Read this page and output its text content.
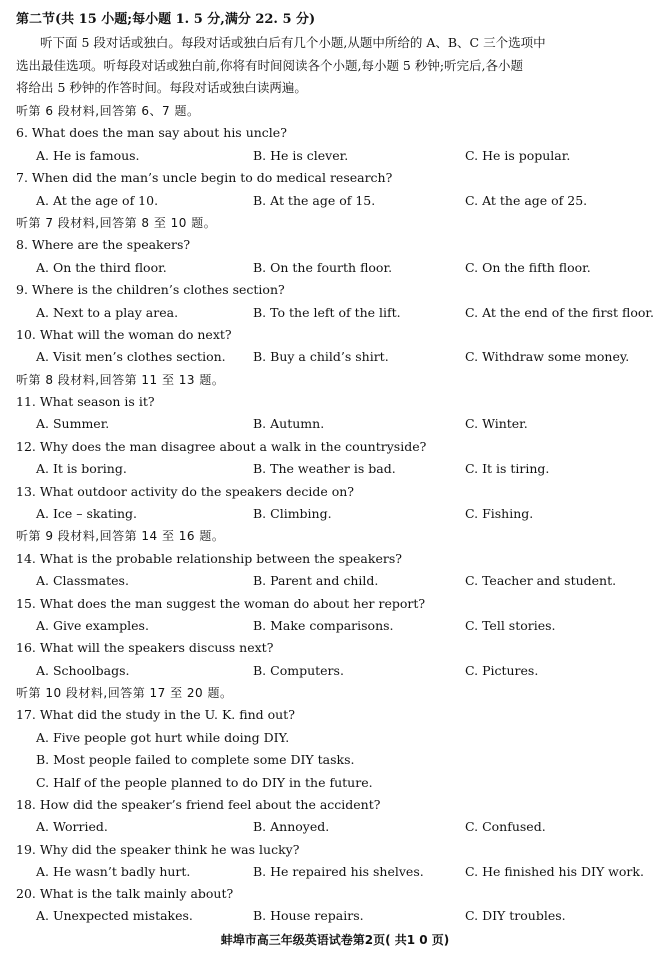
第二节(共 15 小题;每小题 1. 5 分,满分 22. 5 分)
听下面 5 段对话或独白。每段对话或独白后有几个小题,从题中所给的 A、B、C 三个选项中
选出最佳选项。听每段对话或独白前,你将有时间阅读各个小题,每小题 5 秒钟;听完后,各小题
将给出 5 秒钟的作答时间。每段对话或独白读两遍。
听第 6 段材料,回答第 6、7 题。
6. What does the man say about his uncle?
A. He is famous.	B. He is clever.	C. He is popular.
7. When did the man’s uncle begin to do medical research?
A. At the age of 10.	B. At the age of 15.	C. At the age of 25.
听第 7 段材料,回答第 8 至 10 题。
8. Where are the speakers?
A. On the third floor.	B. On the fourth floor.	C. On the fifth floor.
9. Where is the children’s clothes section?
A. Next to a play area.	B. To the left of the lift.	C. At the end of the first floor.
10. What will the woman do next?
A. Visit men’s clothes section. B. Buy a child’s shirt.	C. Withdraw some money.
听第 8 段材料,回答第 11 至 13 题。
11. What season is it?
A. Summer.	B. Autumn.	C. Winter.
12. Why does the man disagree about a walk in the countryside?
A. It is boring.	B. The weather is bad.	C. It is tiring.
13. What outdoor activity do the speakers decide on?
A. Ice – skating.	B. Climbing.	C. Fishing.
听第 9 段材料,回答第 14 至 16 题。
14. What is the probable relationship between the speakers?
A. Classmates.	B. Parent and child.	C. Teacher and student.
15. What does the man suggest the woman do about her report?
A. Give examples.	B. Make comparisons.	C. Tell stories.
16. What will the speakers discuss next?
A. Schoolbags.	B. Computers.	C. Pictures.
听第 10 段材料,回答第 17 至 20 题。
17. What did the study in the U. K. find out?
A. Five people got hurt while doing DIY.
B. Most people failed to complete some DIY tasks.
C. Half of the people planned to do DIY in the future.
18. How did the speaker’s friend feel about the accident?
A. Worried.	B. Annoyed.	C. Confused.
19. Why did the speaker think he was lucky?
A. He wasn’t badly hurt.	B. He repaired his shelves.	C. He finished his DIY work.
20. What is the talk mainly about?
A. Unexpected mistakes.	B. House repairs.	C. DIY troubles.
蚌埠市高三年级英语试卷第2页( 共1 0 页)
